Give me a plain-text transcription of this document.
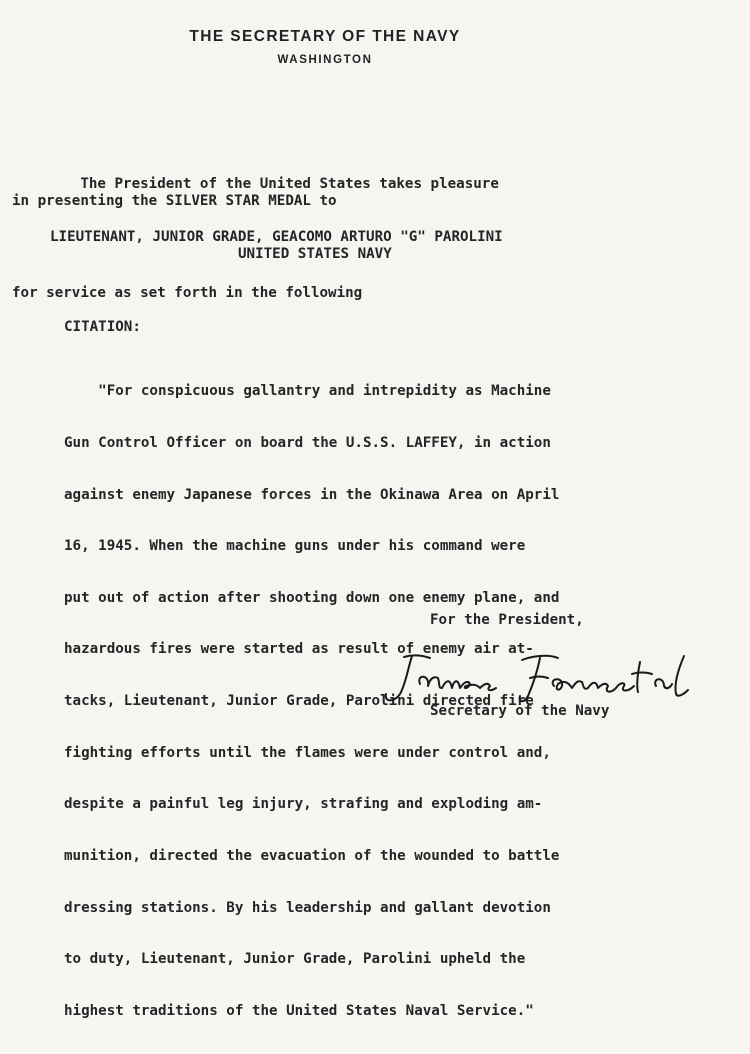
THE SECRETARY OF THE NAVY
WASHINGTON
The President of the United States takes pleasure
in presenting the SILVER STAR MEDAL to
LIEUTENANT, JUNIOR GRADE, GEACOMO ARTURO "G" PAROLINI
UNITED STATES NAVY
for service as set forth in the following
CITATION:

"For conspicuous gallantry and intrepidity as Machine

Gun Control Officer on board the U.S.S. LAFFEY, in action

against enemy Japanese forces in the Okinawa Area on April

16, 1945. When the machine guns under his command were

put out of action after shooting down one enemy plane, and

hazardous fires were started as result of enemy air at-

tacks, Lieutenant, Junior Grade, Parolini directed fire

fighting efforts until the flames were under control and,

despite a painful leg injury, strafing and exploding am-

munition, directed the evacuation of the wounded to battle

dressing stations. By his leadership and gallant devotion

to duty, Lieutenant, Junior Grade, Parolini upheld the

highest traditions of the United States Naval Service."

For the President,
Secretary of the Navy
